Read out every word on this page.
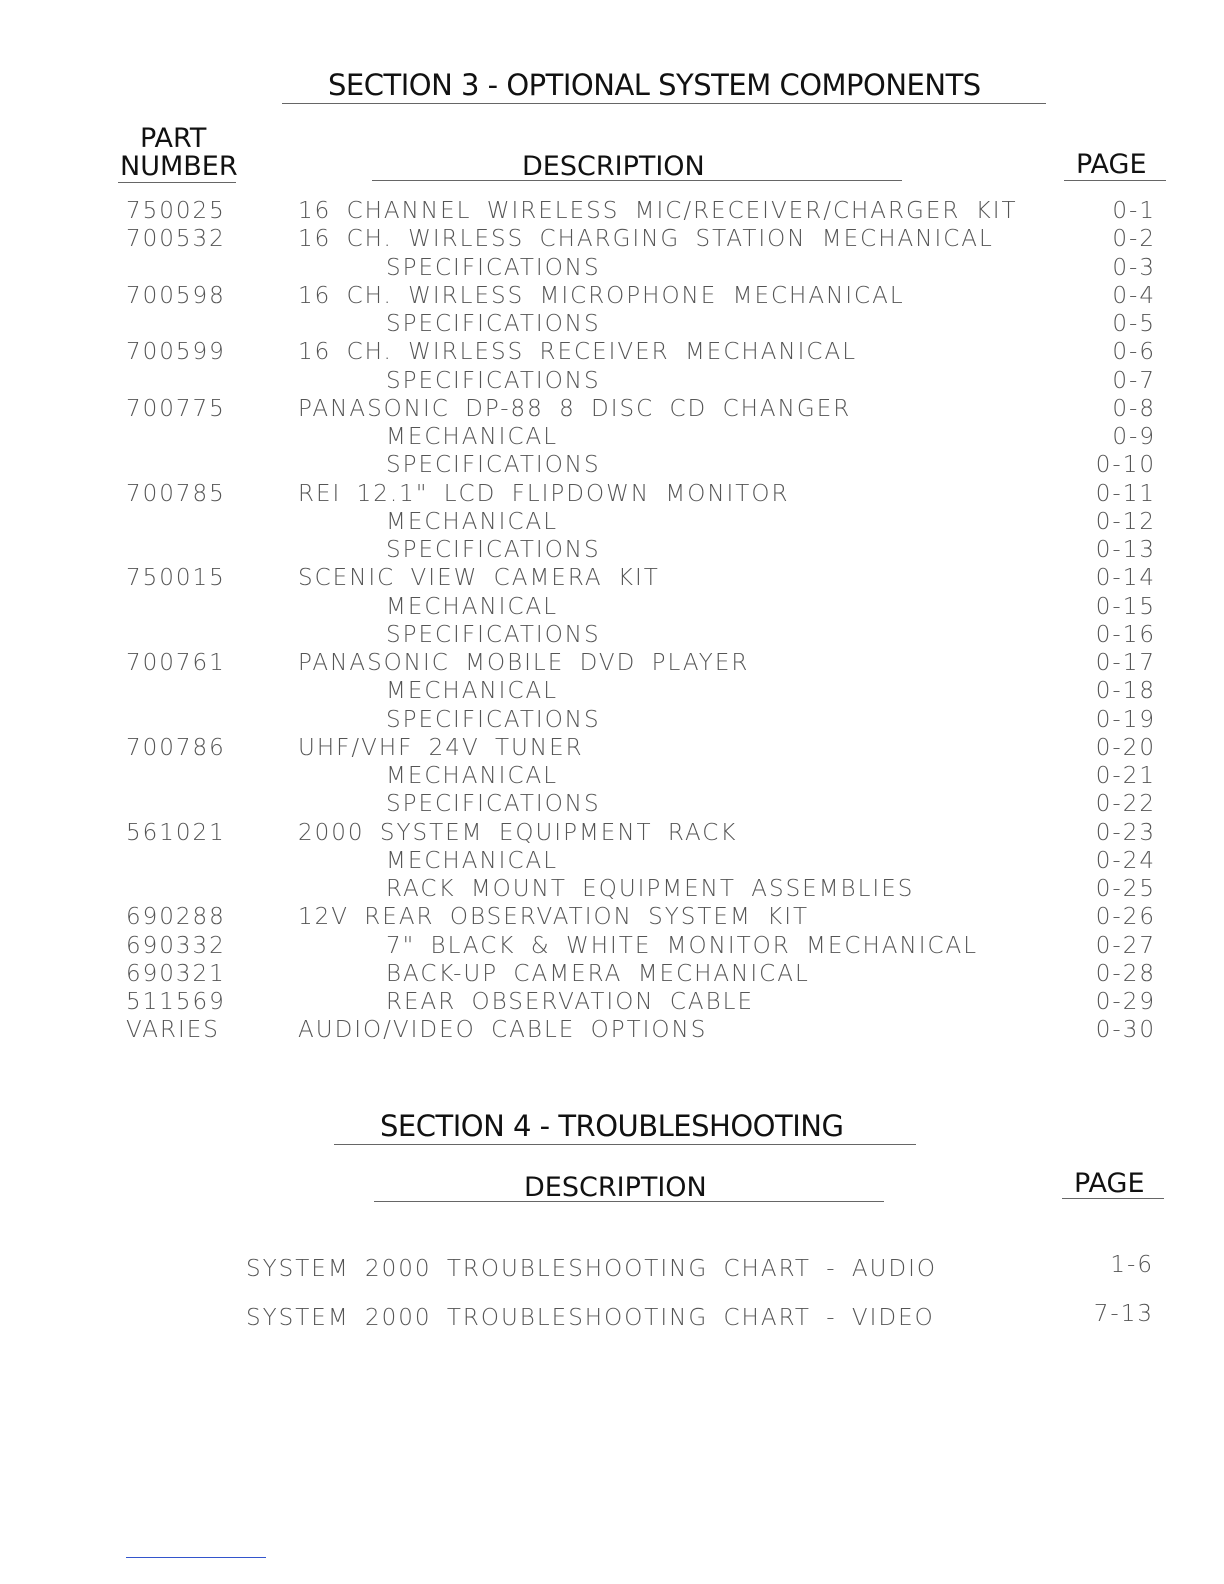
SECTION 3 - OPTIONAL SYSTEM COMPONENTS
PART
NUMBER	DESCRIPTION	PAGE
750025	16 CHANNEL WIRELESS MIC/RECEIVER/CHARGER KIT	0-1
700532	16 CH. WIRLESS CHARGING STATION MECHANICAL	0-2
SPECIFICATIONS	0-3
700598	16 CH. WIRLESS MICROPHONE MECHANICAL	0-4
SPECIFICATIONS	0-5
700599	16 CH. WIRLESS RECEIVER MECHANICAL	0-6
SPECIFICATIONS	0-7
700775	PANASONIC DP-88 8 DISC CD CHANGER	0-8
MECHANICAL	0-9
SPECIFICATIONS	0-10
700785	REI 12.1" LCD FLIPDOWN MONITOR	0-11
MECHANICAL	0-12
SPECIFICATIONS	0-13
750015	SCENIC VIEW CAMERA KIT	0-14
MECHANICAL	0-15
SPECIFICATIONS	0-16
700761	PANASONIC MOBILE DVD PLAYER	0-17
MECHANICAL	0-18
SPECIFICATIONS	0-19
700786	UHF/VHF 24V TUNER	0-20
MECHANICAL	0-21
SPECIFICATIONS	0-22
561021	2000 SYSTEM EQUIPMENT RACK	0-23
MECHANICAL	0-24
RACK MOUNT EQUIPMENT ASSEMBLIES	0-25
690288	12V REAR OBSERVATION SYSTEM KIT	0-26
690332	7" BLACK & WHITE MONITOR MECHANICAL	0-27
690321	BACK-UP CAMERA MECHANICAL	0-28
511569	REAR OBSERVATION CABLE	0-29
VARIES	AUDIO/VIDEO CABLE OPTIONS	0-30
SECTION 4 - TROUBLESHOOTING
DESCRIPTION	PAGE
SYSTEM 2000 TROUBLESHOOTING CHART - AUDIO	1-6
SYSTEM 2000 TROUBLESHOOTING CHART - VIDEO	7-13
